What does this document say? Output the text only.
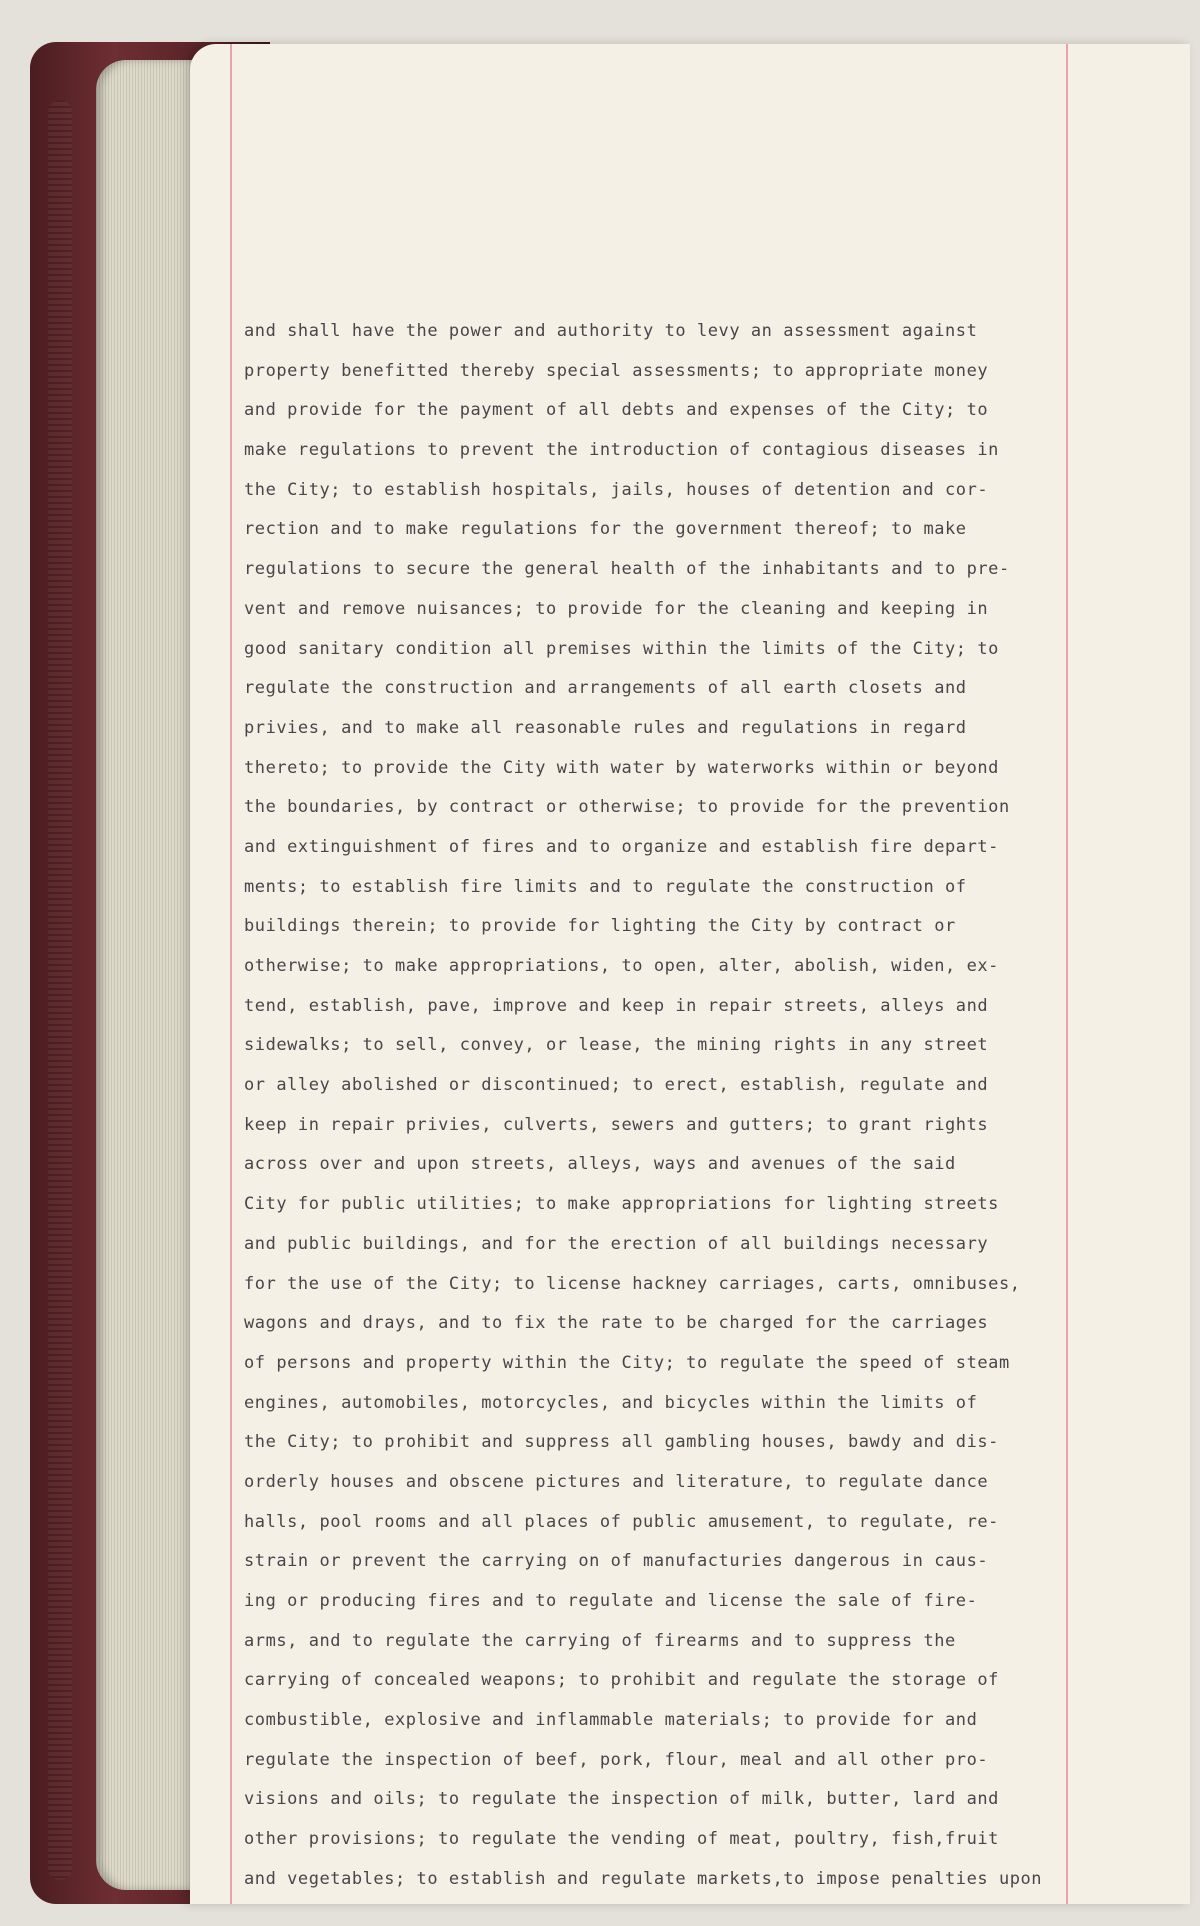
and shall have the power and authority to levy an assessment against
property benefitted thereby special assessments; to appropriate money
and provide for the payment of all debts and expenses of the City; to
make regulations to prevent the introduction of contagious diseases in
the City; to establish hospitals, jails, houses of detention and cor-
rection and to make regulations for the government thereof; to make
regulations to secure the general health of the inhabitants and to pre-
vent and remove nuisances; to provide for the cleaning and keeping in
good sanitary condition all premises within the limits of the City; to
regulate the construction and arrangements of all earth closets and
privies, and to make all reasonable rules and regulations in regard
thereto; to provide the City with water by waterworks within or beyond
the boundaries, by contract or otherwise; to provide for the prevention
and extinguishment of fires and to organize and establish fire depart-
ments; to establish fire limits and to regulate the construction of
buildings therein; to provide for lighting the City by contract or
otherwise; to make appropriations, to open, alter, abolish, widen, ex-
tend, establish, pave, improve and keep in repair streets, alleys and
sidewalks; to sell, convey, or lease, the mining rights in any street
or alley abolished or discontinued; to erect, establish, regulate and
keep in repair privies, culverts, sewers and gutters; to grant rights
across over and upon streets, alleys, ways and avenues of the said
City for public utilities; to make appropriations for lighting streets
and public buildings, and for the erection of all buildings necessary
for the use of the City; to license hackney carriages, carts, omnibuses,
wagons and drays, and to fix the rate to be charged for the carriages
of persons and property within the City; to regulate the speed of steam
engines, automobiles, motorcycles, and bicycles within the limits of
the City; to prohibit and suppress all gambling houses, bawdy and dis-
orderly houses and obscene pictures and literature, to regulate dance
halls, pool rooms and all places of public amusement, to regulate, re-
strain or prevent the carrying on of manufacturies dangerous in caus-
ing or producing fires and to regulate and license the sale of fire-
arms, and to regulate the carrying of firearms and to suppress the
carrying of concealed weapons; to prohibit and regulate the storage of
combustible, explosive and inflammable materials; to provide for and
regulate the inspection of beef, pork, flour, meal and all other pro-
visions and oils; to regulate the inspection of milk, butter, lard and
other provisions; to regulate the vending of meat, poultry, fish,fruit
and vegetables; to establish and regulate markets,to impose penalties upon
